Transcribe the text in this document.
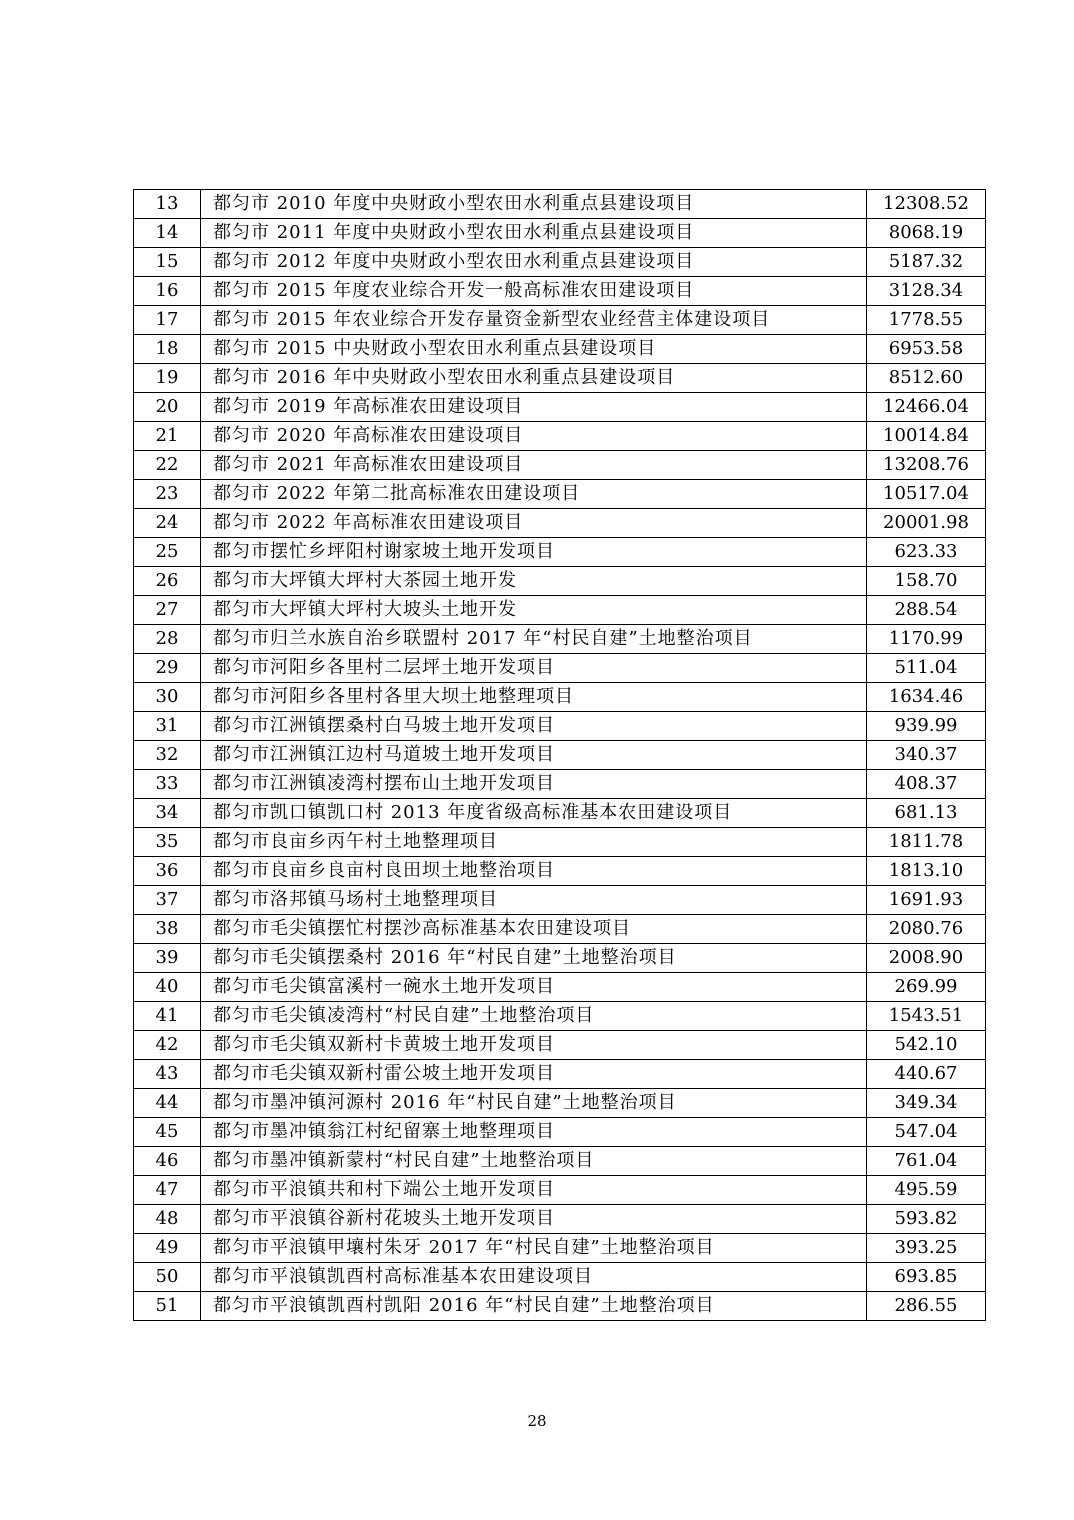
13	都匀市 2010 年度中央财政小型农田水利重点县建设项目	12308.52
14	都匀市 2011 年度中央财政小型农田水利重点县建设项目	8068.19
15	都匀市 2012 年度中央财政小型农田水利重点县建设项目	5187.32
16	都匀市 2015 年度农业综合开发一般高标准农田建设项目	3128.34
17	都匀市 2015 年农业综合开发存量资金新型农业经营主体建设项目	1778.55
18	都匀市 2015 中央财政小型农田水利重点县建设项目	6953.58
19	都匀市 2016 年中央财政小型农田水利重点县建设项目	8512.60
20	都匀市 2019 年高标准农田建设项目	12466.04
21	都匀市 2020 年高标准农田建设项目	10014.84
22	都匀市 2021 年高标准农田建设项目	13208.76
23	都匀市 2022 年第二批高标准农田建设项目	10517.04
24	都匀市 2022 年高标准农田建设项目	20001.98
25	都匀市摆忙乡坪阳村谢家坡土地开发项目	623.33
26	都匀市大坪镇大坪村大茶园土地开发	158.70
27	都匀市大坪镇大坪村大坡头土地开发	288.54
28	都匀市归兰水族自治乡联盟村 2017 年“村民自建”土地整治项目	1170.99
29	都匀市河阳乡各里村二层坪土地开发项目	511.04
30	都匀市河阳乡各里村各里大坝土地整理项目	1634.46
31	都匀市江洲镇摆桑村白马坡土地开发项目	939.99
32	都匀市江洲镇江边村马道坡土地开发项目	340.37
33	都匀市江洲镇凌湾村摆布山土地开发项目	408.37
34	都匀市凯口镇凯口村 2013 年度省级高标准基本农田建设项目	681.13
35	都匀市良亩乡丙午村土地整理项目	1811.78
36	都匀市良亩乡良亩村良田坝土地整治项目	1813.10
37	都匀市洛邦镇马场村土地整理项目	1691.93
38	都匀市毛尖镇摆忙村摆沙高标准基本农田建设项目	2080.76
39	都匀市毛尖镇摆桑村 2016 年“村民自建”土地整治项目	2008.90
40	都匀市毛尖镇富溪村一碗水土地开发项目	269.99
41	都匀市毛尖镇凌湾村“村民自建”土地整治项目	1543.51
42	都匀市毛尖镇双新村卡黄坡土地开发项目	542.10
43	都匀市毛尖镇双新村雷公坡土地开发项目	440.67
44	都匀市墨冲镇河源村 2016 年“村民自建”土地整治项目	349.34
45	都匀市墨冲镇翁江村纪留寨土地整理项目	547.04
46	都匀市墨冲镇新蒙村“村民自建”土地整治项目	761.04
47	都匀市平浪镇共和村下端公土地开发项目	495.59
48	都匀市平浪镇谷新村花坡头土地开发项目	593.82
49	都匀市平浪镇甲壤村朱牙 2017 年“村民自建”土地整治项目	393.25
50	都匀市平浪镇凯酉村高标准基本农田建设项目	693.85
51	都匀市平浪镇凯酉村凯阳 2016 年“村民自建”土地整治项目	286.55
28
